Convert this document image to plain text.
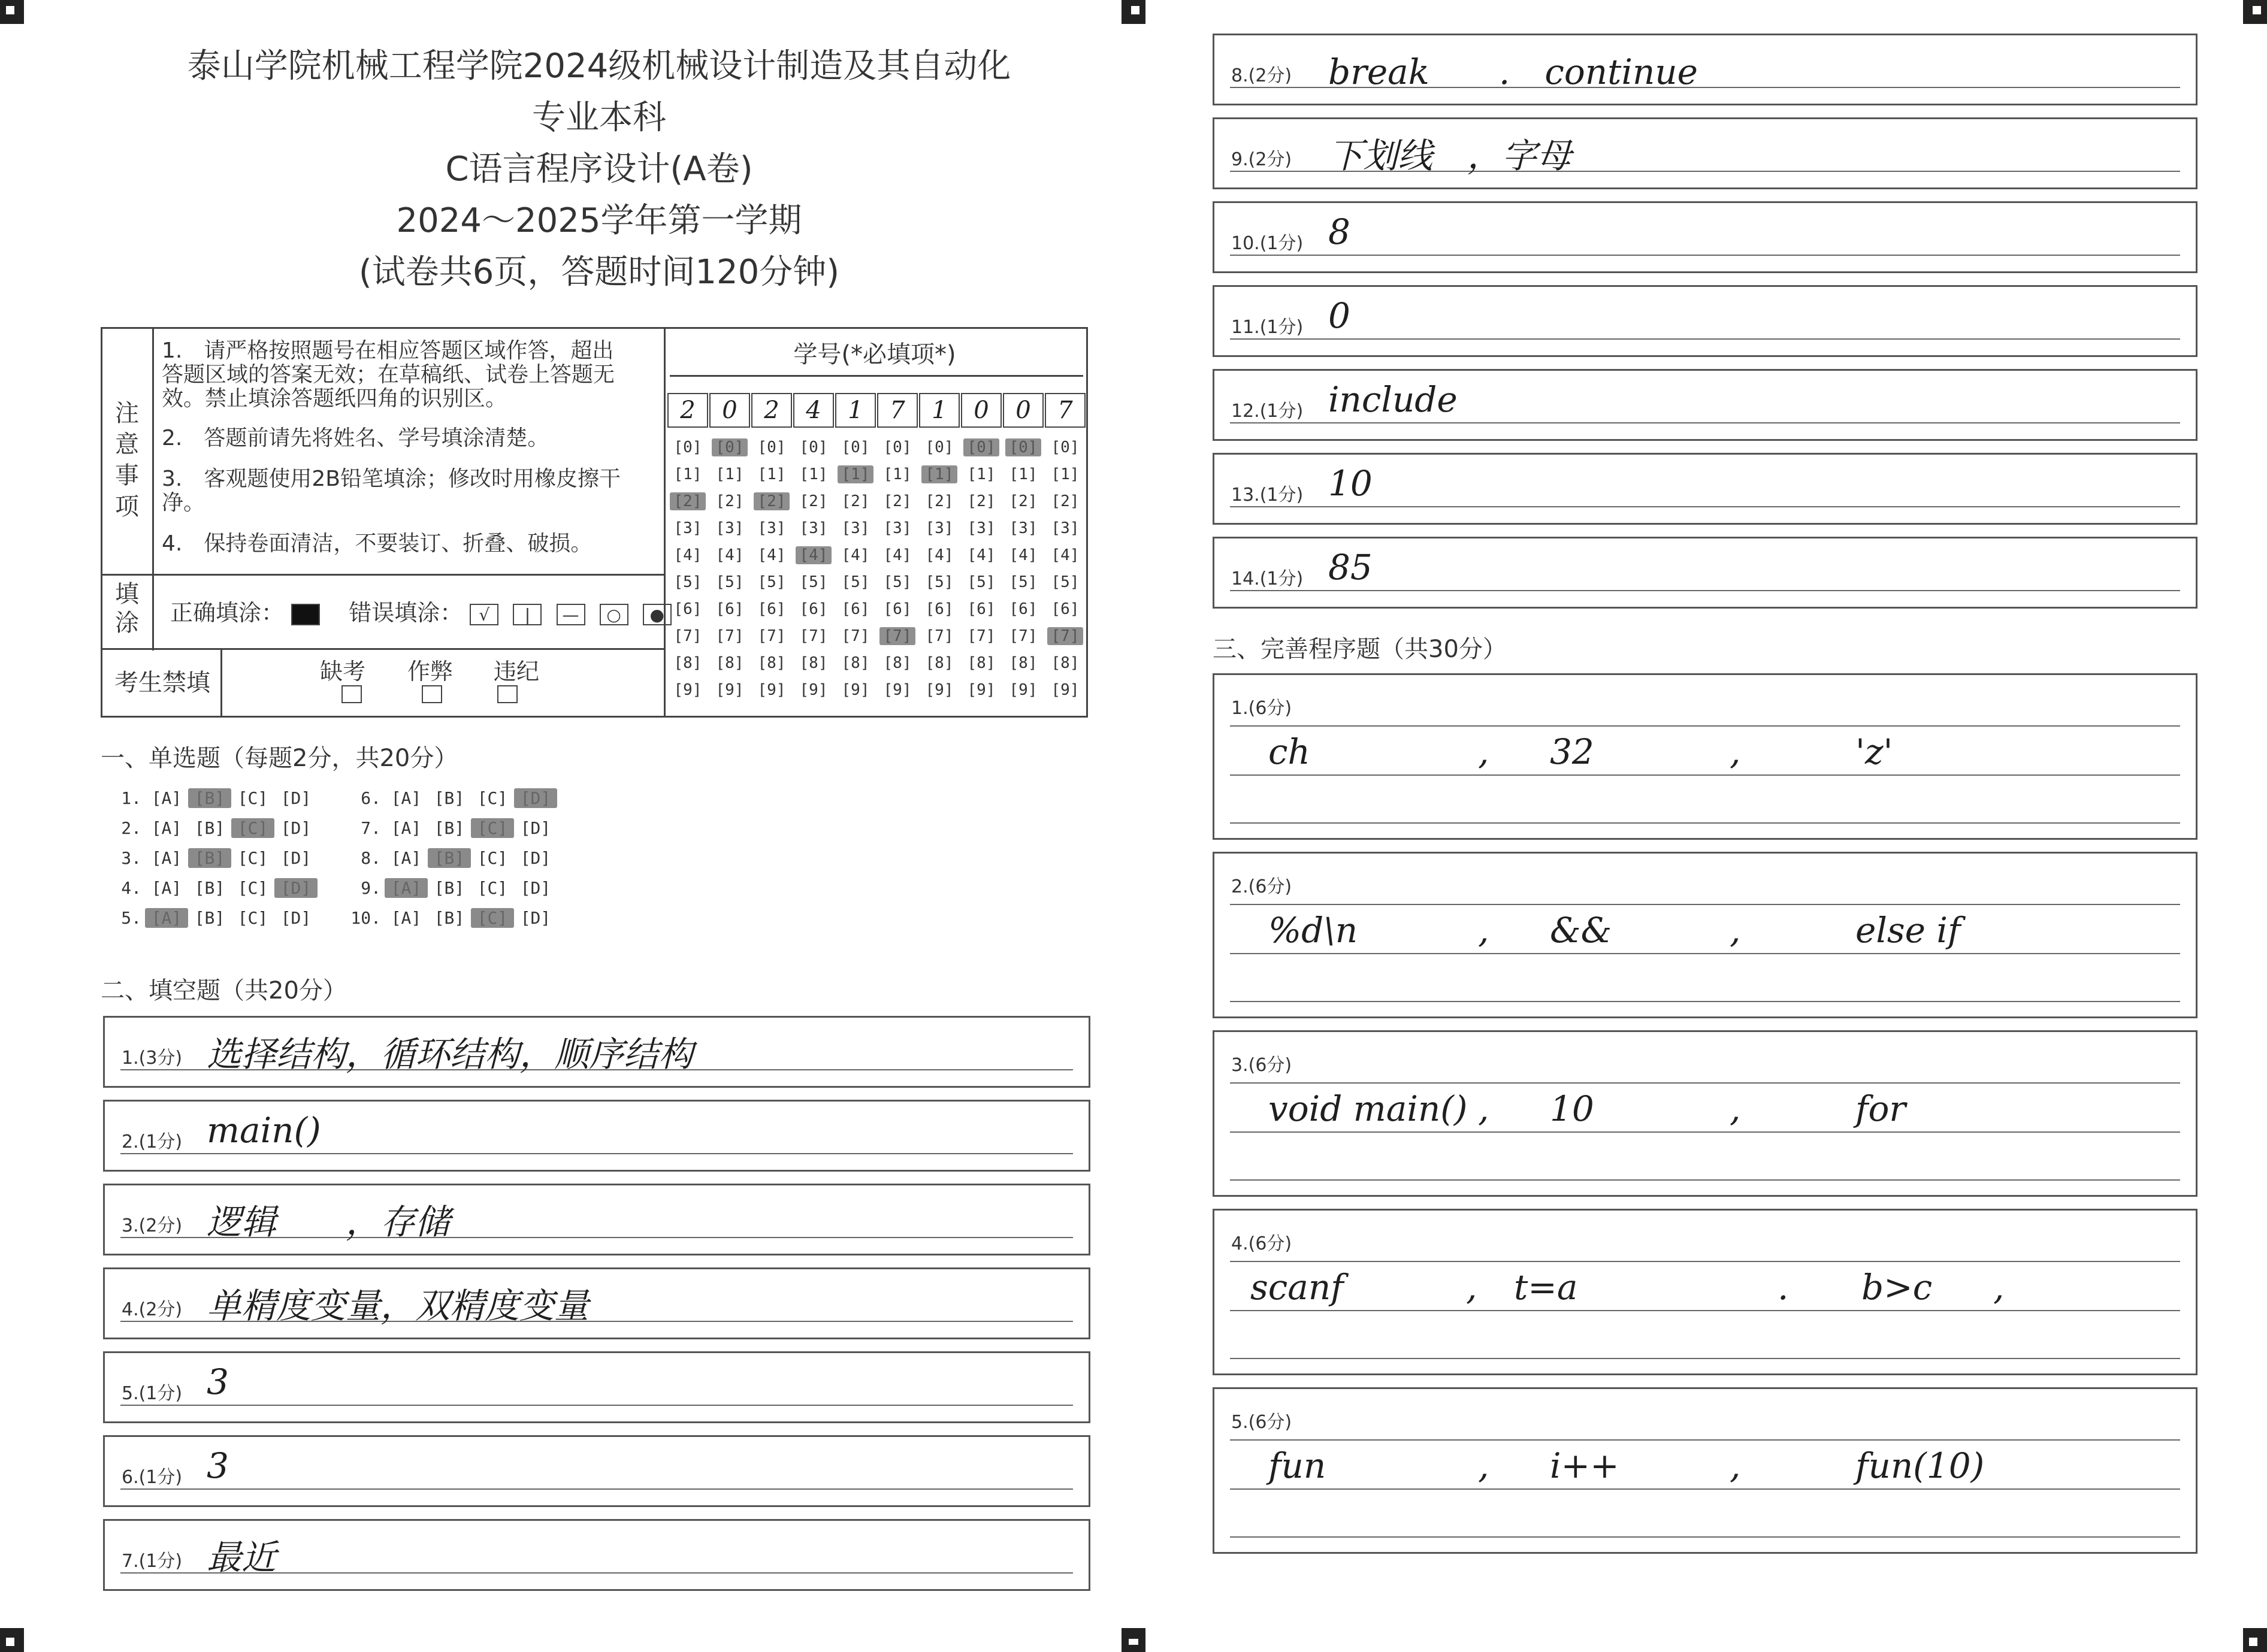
泰山学院机械工程学院2024级机械设计制造及其自动化
专业本科
C语言程序设计(A卷)
2024～2025学年第一学期
(试卷共6页，答题时间120分钟)
注意事项
1.　请严格按照题号在相应答题区域作答，超出答题区域的答案无效；在草稿纸、试卷上答题无效。禁止填涂答题纸四角的识别区。
2.　答题前请先将姓名、学号填涂清楚。
3.　客观题使用2B铅笔填涂；修改时用橡皮擦干净。
4.　保持卷面清洁，不要装订、折叠、破损。
填涂 正确填涂：	错误填涂： √ | — ○ ●
考生禁填	缺考 作弊 违纪
学号(*必填项*)
2	0	2	4	1	7	1	0	0	7
[0] [0] [0] [0] [0] [0] [0] [0] [0] [0]
[1] [1] [1] [1] [1] [1] [1] [1] [1] [1]
[2] [2] [2] [2] [2] [2] [2] [2] [2] [2]
[3] [3] [3] [3] [3] [3] [3] [3] [3] [3]
[4] [4] [4] [4] [4] [4] [4] [4] [4] [4]
[5] [5] [5] [5] [5] [5] [5] [5] [5] [5]
[6] [6] [6] [6] [6] [6] [6] [6] [6] [6]
[7] [7] [7] [7] [7] [7] [7] [7] [7] [7]
[8] [8] [8] [8] [8] [8] [8] [8] [8] [8]
[9] [9] [9] [9] [9] [9] [9] [9] [9] [9]
一、单选题（每题2分，共20分）
1. [A] [B] [C] [D]
2. [A] [B] [C] [D]
3. [A] [B] [C] [D]
4. [A] [B] [C] [D]
5. [A] [B] [C] [D]
6. [A] [B] [C] [D]
7. [A] [B] [C] [D]
8. [A] [B] [C] [D]
9. [A] [B] [C] [D]
10. [A] [B] [C] [D]
二、填空题（共20分）
1.(3分) 选择结构，循环结构，顺序结构
2.(1分) main()
3.(2分) 逻辑　　，存储
4.(2分) 单精度变量，双精度变量
5.(1分) 3
6.(1分) 3
7.(1分) 最近
8.(2分) break　　.　continue
9.(2分) 下划线　，字母
10.(1分) 8
11.(1分) 0
12.(1分) include
13.(1分) 10
14.(1分) 85
三、完善程序题（共30分）
1.(6分)
ch	, 32	,	'z'
2.(6分)
%d\n	, &&	,	else if
3.(6分)
void main() , 10	,	for
4.(6分)
scanf	, t=a	. b>c ,
5.(6分)
fun	, i++	,	fun(10)
